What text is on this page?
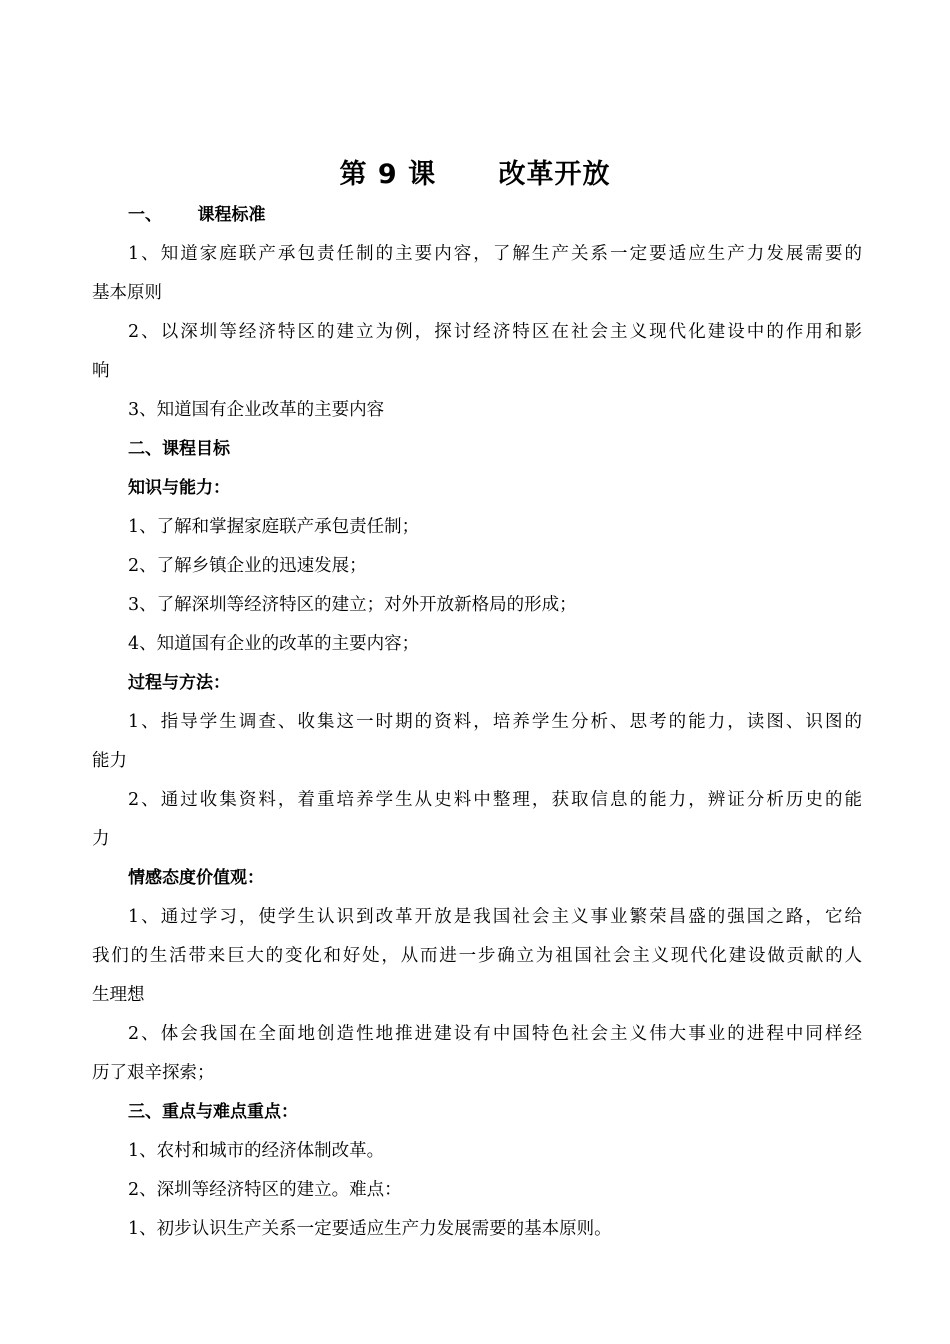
第 9 课      改革开放
一、      课程标准
1、知道家庭联产承包责任制的主要内容，了解生产关系一定要适应生产力发展需要的
基本原则
2、以深圳等经济特区的建立为例，探讨经济特区在社会主义现代化建设中的作用和影
响
3、知道国有企业改革的主要内容
二、课程目标
知识与能力：
1、了解和掌握家庭联产承包责任制；
2、了解乡镇企业的迅速发展；
3、了解深圳等经济特区的建立；对外开放新格局的形成；
4、知道国有企业的改革的主要内容；
过程与方法：
1、指导学生调查、收集这一时期的资料，培养学生分析、思考的能力，读图、识图的
能力
2、通过收集资料，着重培养学生从史料中整理，获取信息的能力，辨证分析历史的能
力
情感态度价值观：
1、通过学习，使学生认识到改革开放是我国社会主义事业繁荣昌盛的强国之路，它给
我们的生活带来巨大的变化和好处，从而进一步确立为祖国社会主义现代化建设做贡献的人
生理想
2、体会我国在全面地创造性地推进建设有中国特色社会主义伟大事业的进程中同样经
历了艰辛探索；
三、重点与难点重点：
1、农村和城市的经济体制改革。
2、深圳等经济特区的建立。难点：
1、初步认识生产关系一定要适应生产力发展需要的基本原则。
